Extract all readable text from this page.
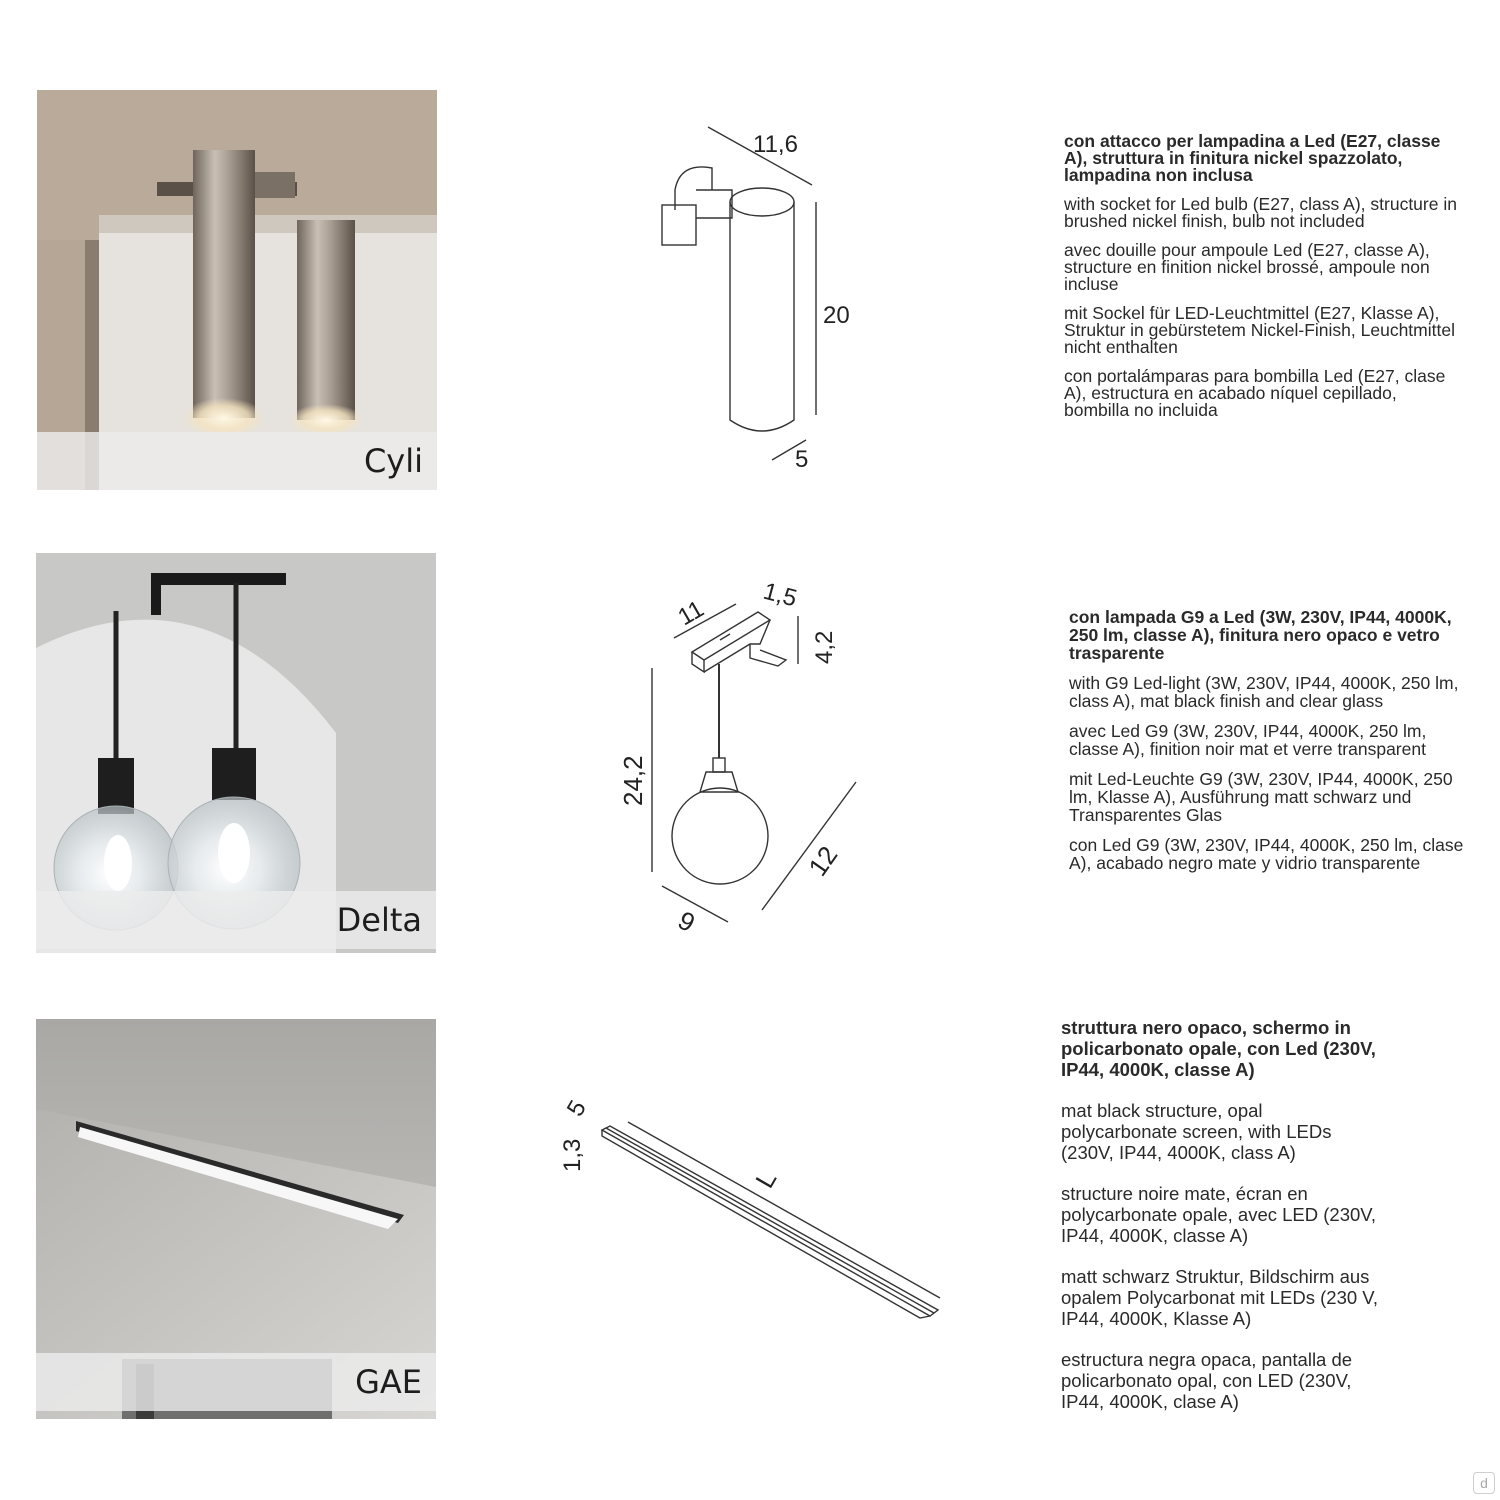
Cyli
11,6
20
5
con attacco per lampadina a Led (E27, classe A), struttura in finitura nickel spazzolato, lampadina non inclusa

with socket for Led bulb (E27, class A), structure in brushed nickel finish, bulb not included

avec douille pour ampoule Led (E27, classe A), structure en finition nickel brossé, ampoule non incluse

mit Sockel für LED-Leuchtmittel (E27, Klasse A), Struktur in gebürstetem Nickel-Finish, Leuchtmittel nicht enthalten

con portalámparas para bombilla Led (E27, clase A), estructura en acabado níquel cepillado, bombilla no incluida

Delta
11
1,5
4,2
24,2
12
9
con lampada G9 a Led (3W, 230V, IP44, 4000K, 250 lm, classe A), finitura nero opaco e vetro trasparente

with G9 Led-light (3W, 230V, IP44, 4000K, 250 lm, class A), mat black finish and clear glass

avec Led G9 (3W, 230V, IP44, 4000K, 250 lm, classe A), finition noir mat et verre transparent

mit Led-Leuchte G9 (3W, 230V, IP44, 4000K, 250 lm, Klasse A), Ausführung matt schwarz und Transparentes Glas

con Led G9 (3W, 230V, IP44, 4000K, 250 lm, clase A), acabado negro mate y vidrio transparente

GAE
5
1,3
L
struttura nero opaco, schermo in policarbonato opale, con Led (230V, IP44, 4000K, classe A)

mat black structure, opal polycarbonate screen, with LEDs (230V, IP44, 4000K, class A)

structure noire mate, écran en polycarbonate opale, avec LED (230V, IP44, 4000K, classe A)

matt schwarz Struktur, Bildschirm aus opalem Polycarbonat mit LEDs (230 V, IP44, 4000K, Klasse A)

estructura negra opaca, pantalla de policarbonato opal, con LED (230V, IP44, 4000K, clase A)

d
